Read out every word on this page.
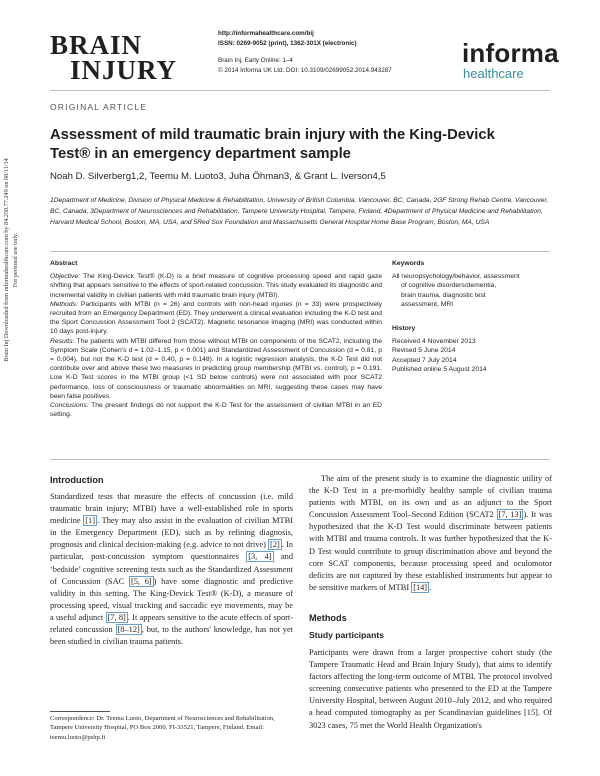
Brain Inj Downloaded from informahealthcare.com by 84.250.77.249 on 08/11/14 For personal use only.
BRAIN
INJURY
http://informahealthcare.com/bij
ISSN: 0269-9052 (print), 1362-301X (electronic)
Brain Inj, Early Online: 1–4
© 2014 Informa UK Ltd. DOI: 10.3109/02699052.2014.943287
informa
healthcare
ORIGINAL ARTICLE
Assessment of mild traumatic brain injury with the King-Devick Test® in an emergency department sample
Noah D. Silverberg1,2, Teemu M. Luoto3, Juha Öhman3, & Grant L. Iverson4,5
1Department of Medicine, Division of Physical Medicine & Rehabilitation, University of British Columbia, Vancouver, BC, Canada, 2GF Strong Rehab Centre, Vancouver, BC, Canada, 3Department of Neurosciences and Rehabilitation, Tampere University Hospital, Tampere, Finland, 4Department of Physical Medicine and Rehabilitation, Harvard Medical School, Boston, MA, USA, and 5Red Sox Foundation and Massachusetts General Hospital Home Base Program, Boston, MA, USA
Abstract

Objective: The King-Devick Test® (K-D) is a brief measure of cognitive processing speed and rapid gaze shifting that appears sensitive to the effects of sport-related concussion. This study evaluated its diagnostic and incremental validity in civilian patients with mild traumatic brain injury (MTBI).

Methods: Participants with MTBI (n = 26) and controls with non-head injuries (n = 33) were prospectively recruited from an Emergency Department (ED). They underwent a clinical evaluation including the K-D test and the Sport Concussion Assessment Tool 2 (SCAT2). Magnetic resonance imaging (MRI) was conducted within 10 days post-injury.

Results: The patients with MTBI differed from those without MTBI on components of the SCAT2, including the Symptom Scale (Cohen's d = 1.02–1.15, p < 0.001) and Standardized Assessment of Concussion (d = 0.81, p = 0.004), but not the K-D test (d = 0.40, p = 0.148). In a logistic regression analysis, the K-D Test did not contribute over and above these two measures in predicting group membership (MTBI vs. control), p = 0.191. Low K-D Test scores in the MTBI group (<1 SD below controls) were not associated with poor SCAT2 performance, loss of consciousness or traumatic abnormalities on MRI, suggesting these cases may have been false positives.

Conclusions: The present findings do not support the K-D Test for the assessment of civilian MTBI in an ED setting.

Keywords
All neuropsychology/behavior, assessment
of cognitive disorders/dementia,
brain trauma, diagnostic test
assessment, MRI
History
Received 4 November 2013
Revised 5 June 2014
Accepted 7 July 2014
Published online 5 August 2014
Introduction
Standardized tests that measure the effects of concussion (i.e. mild traumatic brain injury; MTBI) have a well-established role in sports medicine [1] . They may also assist in the evaluation of civilian MTBI in the Emergency Department (ED), such as by refining diagnosis, prognosis and clinical decision-making (e.g. advice to not drive) [2] . In particular, post-concussion symptom questionnaires [3, 4] and ‘bedside’ cognitive screening tests such as the Standardized Assessment of Concussion (SAC [5, 6] ) have some diagnostic and predictive validity in this setting. The King-Devick Test® (K-D), a measure of processing speed, visual tracking and saccadic eye movements, may be a useful adjunct [7, 8] . It appears sensitive to the acute effects of sport-related concussion [8–12] , but, to the authors' knowledge, has not yet been studied in civilian trauma patients.
Correspondence: Dr. Teemu Luoto, Department of Neurosciences and Rehabilitation, Tampere University Hospital, PO Box 2000, FI-33521, Tampere, Finland. Email: teemu.luoto@pshp.fi
The aim of the present study is to examine the diagnostic utility of the K-D Test in a pre-morbidly healthy sample of civilian trauma patients with MTBI, on its own and as an adjunct to the Sport Concussion Assessment Tool–Second Edition (SCAT2 [7, 13] ). It was hypothesized that the K-D Test would discriminate between patients with MTBI and trauma controls. It was further hypothesized that the K-D Test would contribute to group discrimination above and beyond the core SCAT components, because processing speed and oculomotor deficits are not captured by these established instruments but appear to be sensitive markers of MTBI [14] .
Methods
Study participants
Participants were drawn from a larger prospective cohort study (the Tampere Traumatic Head and Brain Injury Study), that aims to identify factors affecting the long-term outcome of MTBI. The protocol involved screening consecutive patients who presented to the ED at the Tampere University Hospital, between August 2010–July 2012, and who required a head computed tomography as per Scandinavian guidelines [15]. Of 3023 cases, 75 met the World Health Organization's
